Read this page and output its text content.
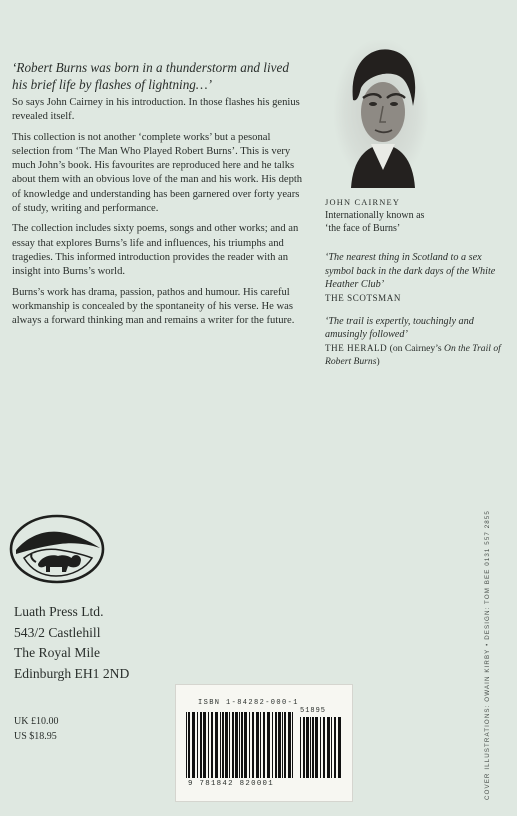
‘Robert Burns was born in a thunderstorm and lived his brief life by flashes of lightning…’

So says John Cairney in his introduction. In those flashes his genius revealed itself.

This collection is not another ‘complete works’ but a pesonal selection from ‘The Man Who Played Robert Burns’. This is very much John’s book. His favourites are reproduced here and he talks about them with an obvious love of the man and his work. His depth of knowledge and understanding has been garnered over forty years of study, writing and performance.

The collection includes sixty poems, songs and other works; and an essay that explores Burns’s life and influences, his triumphs and tragedies. This informed introduction provides the reader with an insight into Burns’s world.

Burns’s work has drama, passion, pathos and humour. His careful workmanship is concealed by the spontaneity of his verse. He was always a forward thinking man and remains a writer for the future.

JOHN CAIRNEY

Internationally known as

‘the face of Burns’

‘The nearest thing in Scotland to a sex symbol back in the dark days of the White Heather Club’

THE SCOTSMAN

‘The trail is expertly, touchingly and amusingly followed’

THE HERALD (on Cairney’s On the Trail of Robert Burns)

Luath Press Ltd.
543/2 Castlehill
The Royal Mile
Edinburgh EH1 2ND
UK £10.00
US $18.95
ISBN 1-84282-000-1
51895
9 781842 820001	COVER ILLUSTRATIONS: OWAIN KIRBY • DESIGN: TOM BEE 0131 557 2855
